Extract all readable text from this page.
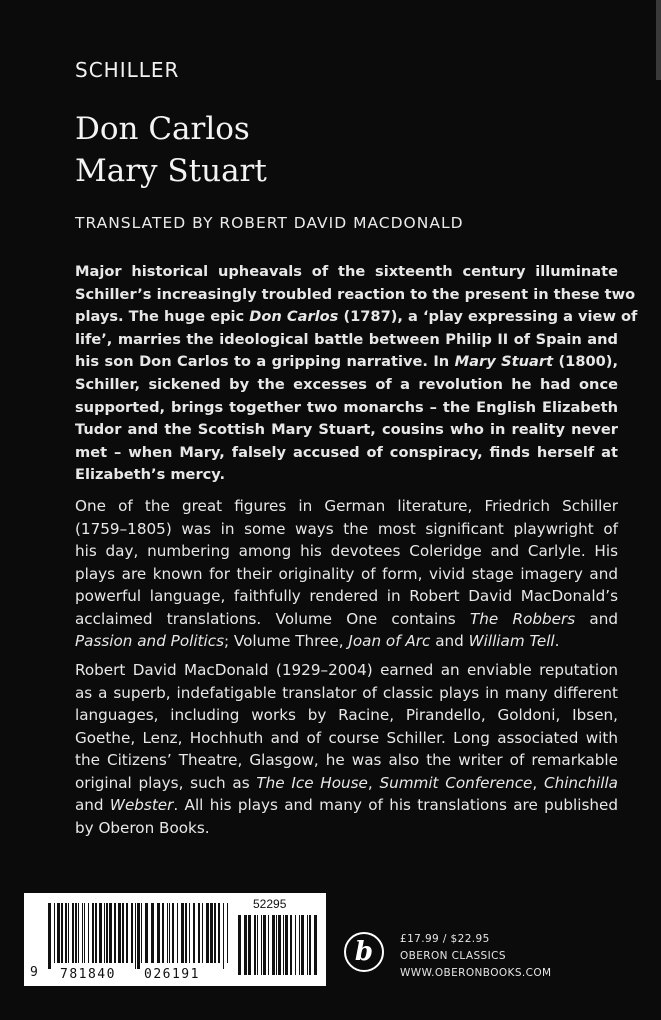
SCHILLER
Don Carlos
Mary Stuart
TRANSLATED BY ROBERT DAVID MACDONALD
Major historical upheavals of the sixteenth century illuminate
Schiller’s increasingly troubled reaction to the present in these two
plays. The huge epic Don Carlos (1787), a ‘play expressing a view of
life’, marries the ideological battle between Philip II of Spain and
his son Don Carlos to a gripping narrative. In Mary Stuart (1800),
Schiller, sickened by the excesses of a revolution he had once
supported, brings together two monarchs – the English Elizabeth
Tudor and the Scottish Mary Stuart, cousins who in reality never
met – when Mary, falsely accused of conspiracy, finds herself at
Elizabeth’s mercy.
One of the great figures in German literature, Friedrich Schiller
(1759–1805) was in some ways the most significant playwright of
his day, numbering among his devotees Coleridge and Carlyle. His
plays are known for their originality of form, vivid stage imagery and
powerful language, faithfully rendered in Robert David MacDonald’s
acclaimed translations. Volume One contains The Robbers and
Passion and Politics; Volume Three, Joan of Arc and William Tell.
Robert David MacDonald (1929–2004) earned an enviable reputation
as a superb, indefatigable translator of classic plays in many different
languages, including works by Racine, Pirandello, Goldoni, Ibsen,
Goethe, Lenz, Hochhuth and of course Schiller. Long associated with
the Citizens’ Theatre, Glasgow, he was also the writer of remarkable
original plays, such as The Ice House, Summit Conference, Chinchilla
and Webster. All his plays and many of his translations are published
by Oberon Books.
52295
9 781840 026191
b	£17.99 / $22.95
OBERON CLASSICS
WWW.OBERONBOOKS.COM
